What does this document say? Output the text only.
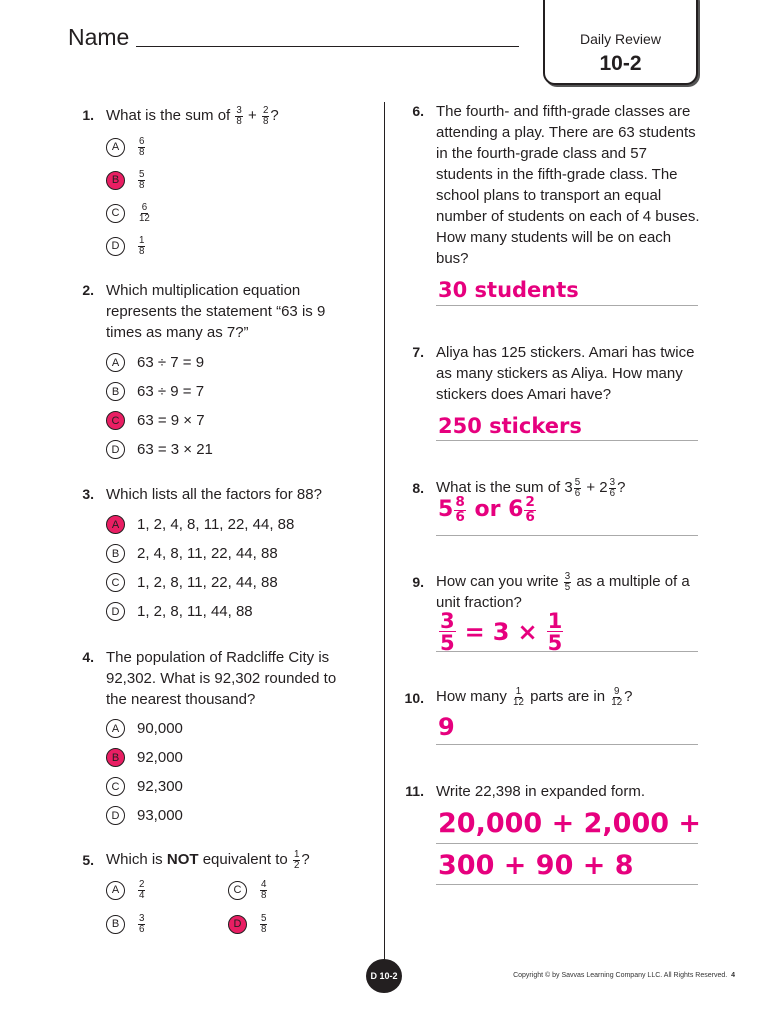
Name	Daily Review
10-2
1. What is the sum of $\frac{3}{8} + \frac{2}{8}$ ?
A	$\frac{6}{8}$
B	$\frac{5}{8}$
C	$\frac{6}{12}$
D	$\frac{1}{8}$
2. Which multiplication equation represents the statement “63 is 9 times as many as 7?”
A	63 ÷ 7 = 9
B	63 ÷ 9 = 7
C	63 = 9 × 7
D	63 = 3 × 21
3. Which lists all the factors for 88?
A	1, 2, 4, 8, 11, 22, 44, 88
B	2, 4, 8, 11, 22, 44, 88
C	1, 2, 8, 11, 22, 44, 88
D	1, 2, 8, 11, 44, 88
4. The population of Radcliffe City is 92,302. What is 92,302 rounded to the nearest thousand?
A	90,000
B	92,000
C	92,300
D	93,000
5. Which is NOT equivalent to $\frac{1}{2}$ ?
A	$\frac{2}{4}$
B	$\frac{3}{6}$
C	$\frac{4}{8}$
D	$\frac{5}{8}$
6. The fourth- and fifth-grade classes are attending a play. There are 63 students in the fourth-grade class and 57 students in the fifth-grade class. The school plans to transport an equal number of students on each of 4 buses. How many students will be on each bus?
30 students
7. Aliya has 125 stickers. Amari has twice as many stickers as Aliya. How many stickers does Amari have?
250 stickers
8. What is the sum of $3 \frac{5}{6} + 2 \frac{3}{6}$ ?
$5 \frac{8}{6}$ or $6 \frac{2}{6}$
9. How can you write $\frac{3}{5}$ as a multiple of a unit fraction?
$\frac{3}{5} = 3 \times \frac{1}{5}$
10. How many $\frac{1}{12}$ parts are in $\frac{9}{12}$ ?
9
11. Write 22,398 in expanded form.
20,000 + 2,000 +
300 + 90 + 8
D 10-2	Copyright © by Savvas Learning Company LLC. All Rights Reserved. 4
